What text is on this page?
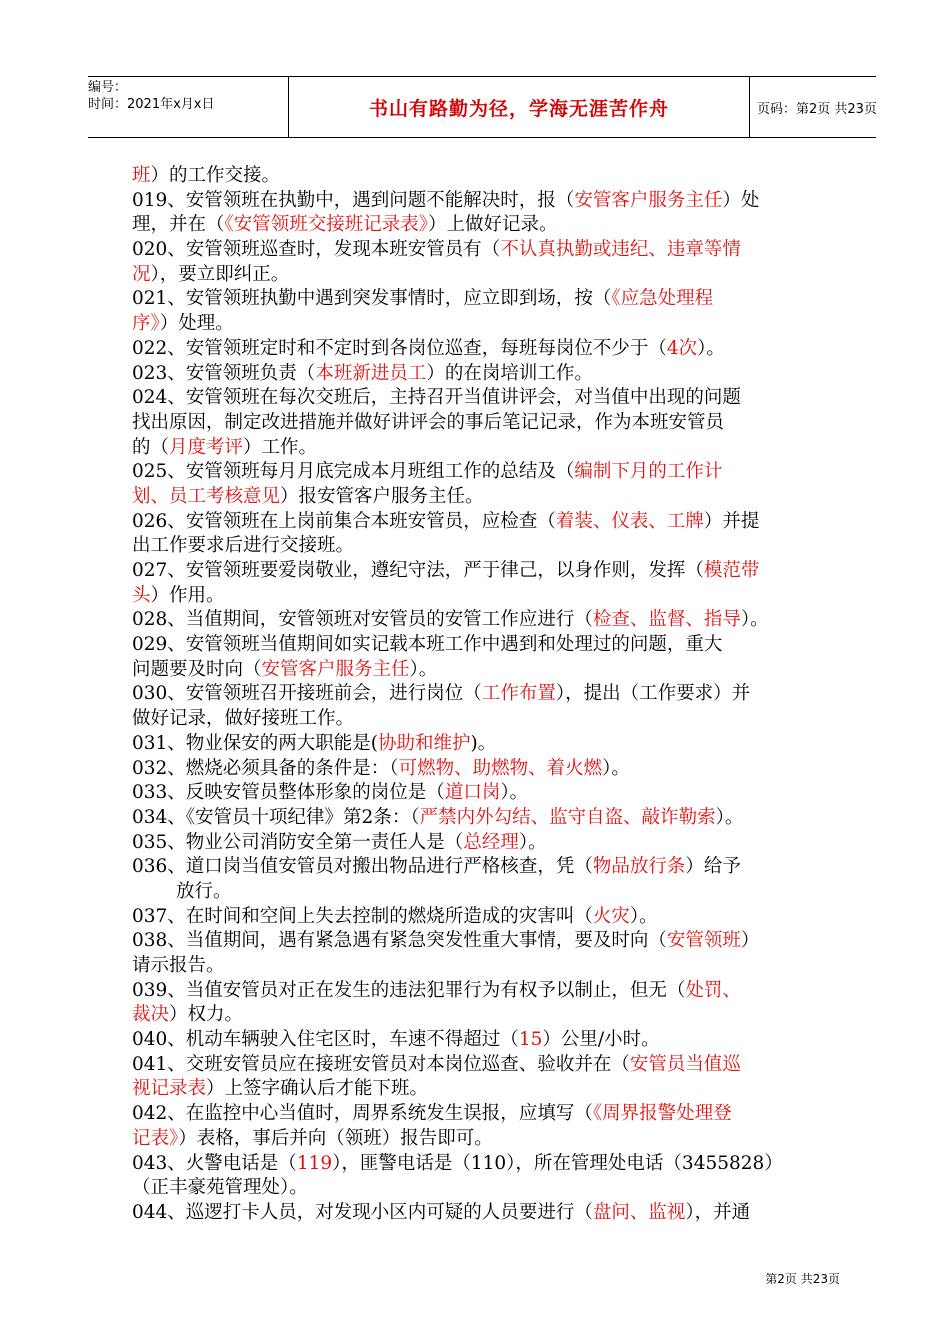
编号：
时间：2021年x月x日	书山有路勤为径，学海无涯苦作舟	页码：第2页 共23页
班）的工作交接。
019、安管领班在执勤中，遇到问题不能解决时，报（安管客户服务主任）处
理，并在（《安管领班交接班记录表》）上做好记录。
020、安管领班巡查时，发现本班安管员有（不认真执勤或违纪、违章等情
况），要立即纠正。
021、安管领班执勤中遇到突发事情时，应立即到场，按（《应急处理程
序》）处理。
022、安管领班定时和不定时到各岗位巡查，每班每岗位不少于（4次）。
023、安管领班负责（本班新进员工）的在岗培训工作。
024、安管领班在每次交班后，主持召开当值讲评会，对当值中出现的问题
找出原因，制定改进措施并做好讲评会的事后笔记记录，作为本班安管员
的（月度考评）工作。
025、安管领班每月月底完成本月班组工作的总结及（编制下月的工作计
划、员工考核意见）报安管客户服务主任。
026、安管领班在上岗前集合本班安管员，应检查（着装、仪表、工牌）并提
出工作要求后进行交接班。
027、安管领班要爱岗敬业，遵纪守法，严于律己，以身作则，发挥（模范带
头）作用。
028、当值期间，安管领班对安管员的安管工作应进行（检查、监督、指导）。
029、安管领班当值期间如实记载本班工作中遇到和处理过的问题，重大
问题要及时向（安管客户服务主任）。
030、安管领班召开接班前会，进行岗位（工作布置），提出（工作要求）并
做好记录，做好接班工作。
031、物业保安的两大职能是(协助和维护)。
032、燃烧必须具备的条件是：（可燃物、助燃物、着火燃）。
033、反映安管员整体形象的岗位是（道口岗）。
034、《安管员十项纪律》第2条：（严禁内外勾结、监守自盗、敲诈勒索）。
035、物业公司消防安全第一责任人是（总经理）。
036、道口岗当值安管员对搬出物品进行严格核查，凭（物品放行条）给予
放行。
037、在时间和空间上失去控制的燃烧所造成的灾害叫（火灾）。
038、当值期间，遇有紧急遇有紧急突发性重大事情，要及时向（安管领班）
请示报告。
039、当值安管员对正在发生的违法犯罪行为有权予以制止，但无（处罚、
裁决）权力。
040、机动车辆驶入住宅区时，车速不得超过（15）公里/小时。
041、交班安管员应在接班安管员对本岗位巡查、验收并在（安管员当值巡
视记录表）上签字确认后才能下班。
042、在监控中心当值时，周界系统发生误报，应填写（《周界报警处理登
记表》）表格，事后并向（领班）报告即可。
043、火警电话是（119），匪警电话是（110），所在管理处电话（3455828）
（正丰豪苑管理处）。
044、巡逻打卡人员，对发现小区内可疑的人员要进行（盘问、监视），并通
第2页 共23页
